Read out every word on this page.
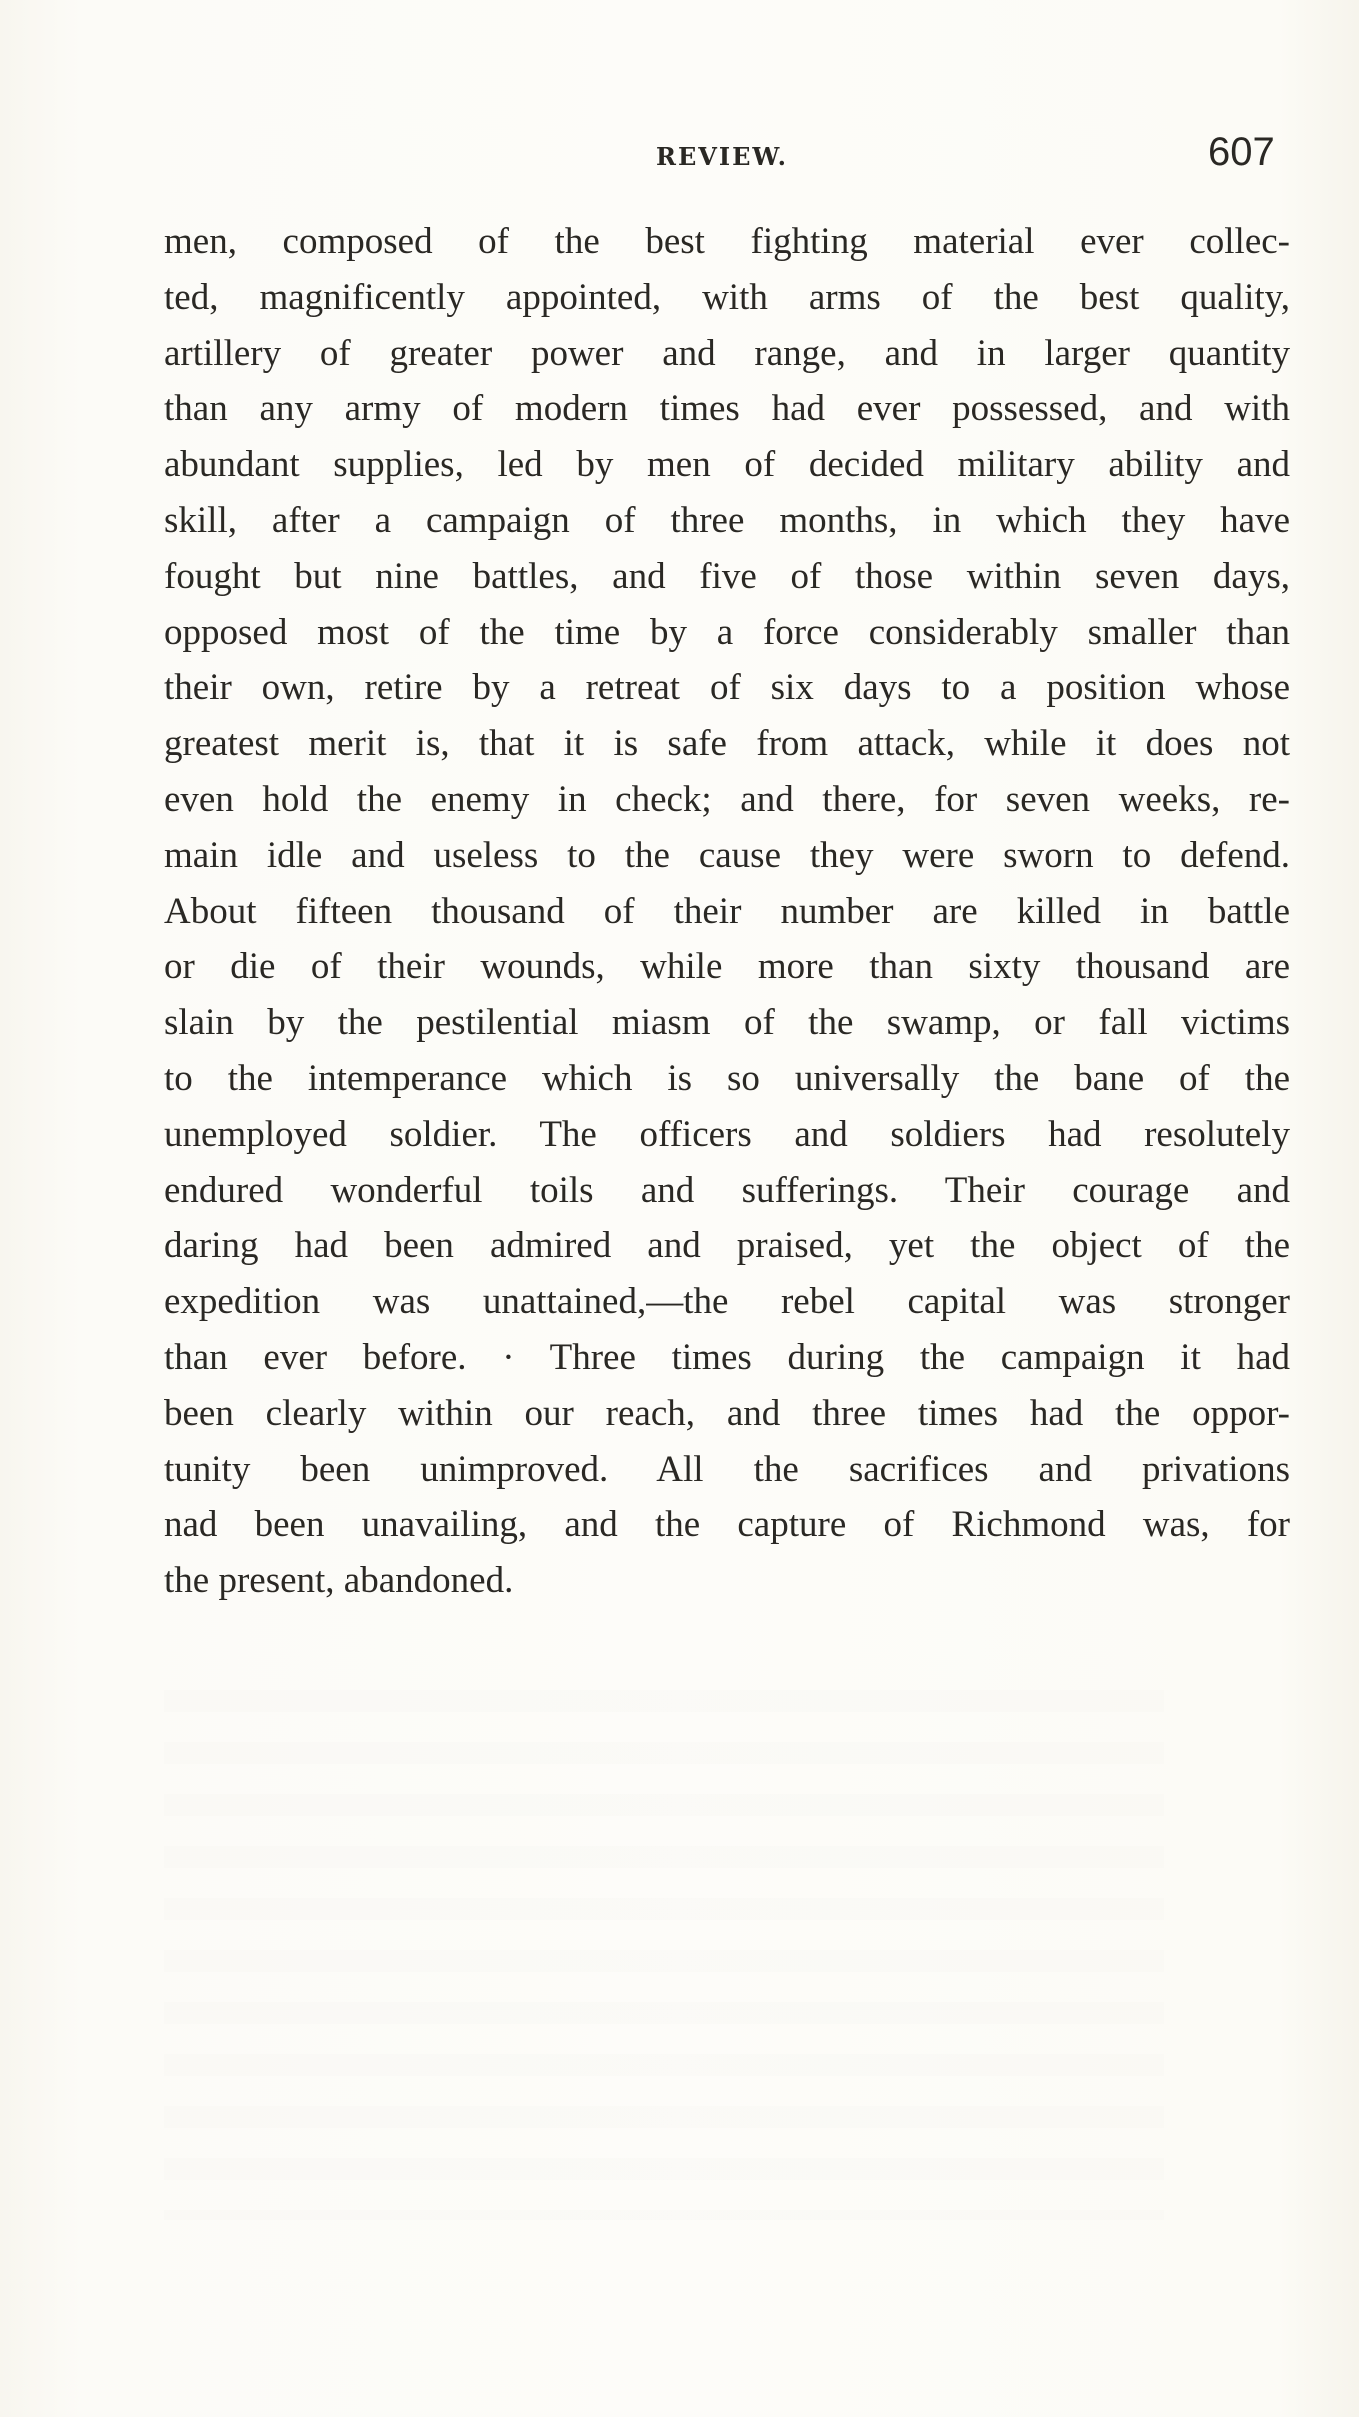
REVIEW.	607
men, composed of the best fighting material ever collec-
ted, magnificently appointed, with arms of the best quality,
artillery of greater power and range, and in larger quantity
than any army of modern times had ever possessed, and with
abundant supplies, led by men of decided military ability and
skill, after a campaign of three months, in which they have
fought but nine battles, and five of those within seven days,
opposed most of the time by a force considerably smaller than
their own, retire by a retreat of six days to a position whose
greatest merit is, that it is safe from attack, while it does not
even hold the enemy in check; and there, for seven weeks, re-
main idle and useless to the cause they were sworn to defend.
About fifteen thousand of their number are killed in battle
or die of their wounds, while more than sixty thousand are
slain by the pestilential miasm of the swamp, or fall victims
to the intemperance which is so universally the bane of the
unemployed soldier. The officers and soldiers had resolutely
endured wonderful toils and sufferings. Their courage and
daring had been admired and praised, yet the object of the
expedition was unattained,—the rebel capital was stronger
than ever before. · Three times during the campaign it had
been clearly within our reach, and three times had the oppor-
tunity been unimproved. All the sacrifices and privations
nad been unavailing, and the capture of Richmond was, for
the present, abandoned.
